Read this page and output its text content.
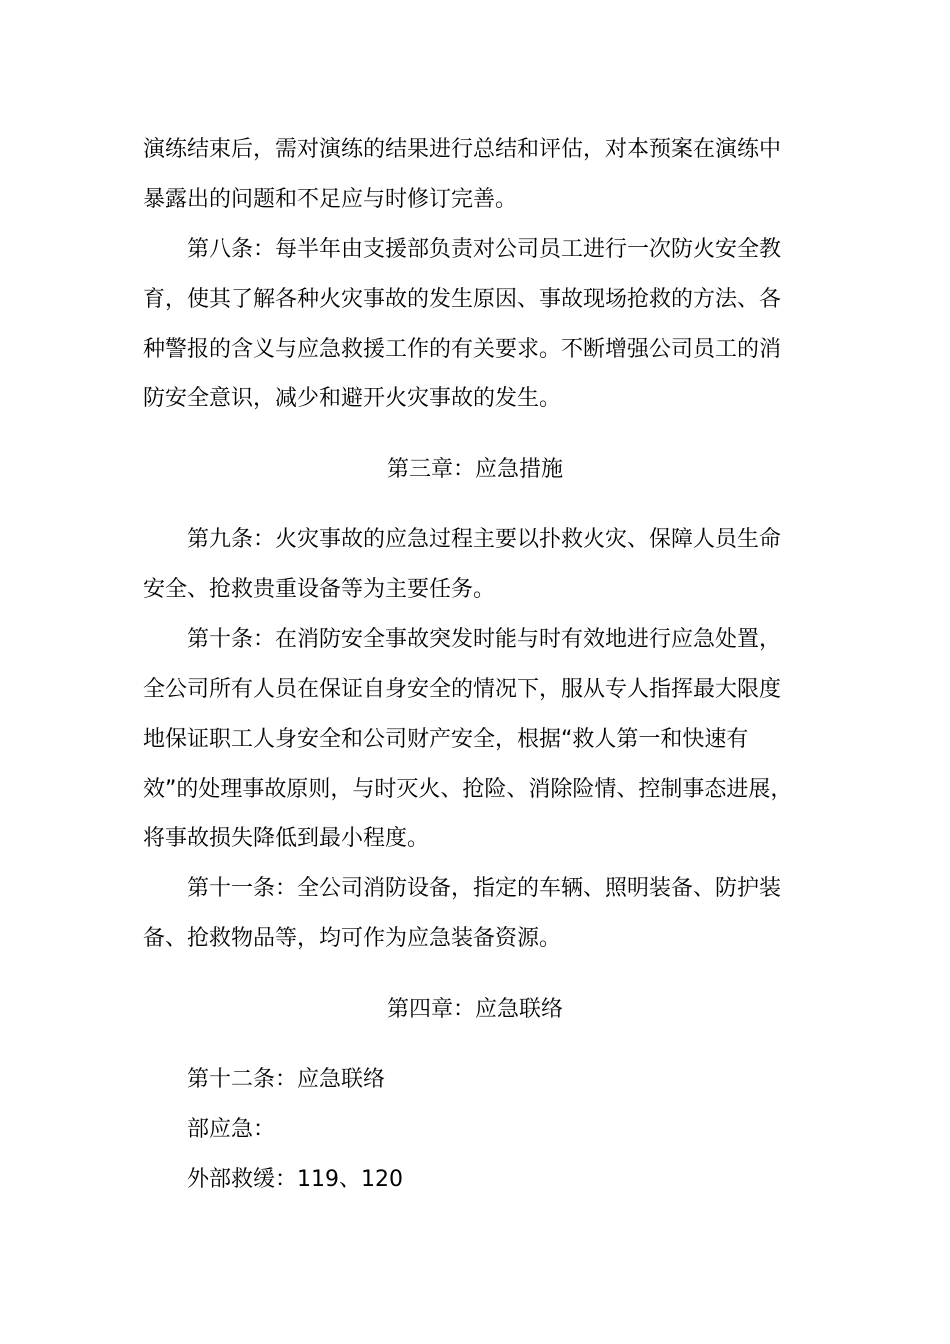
演练结束后，需对演练的结果进行总结和评估，对本预案在演练中

暴露出的问题和不足应与时修订完善。

第八条：每半年由支援部负责对公司员工进行一次防火安全教

育，使其了解各种火灾事故的发生原因、事故现场抢救的方法、各

种警报的含义与应急救援工作的有关要求。不断增强公司员工的消

防安全意识，减少和避开火灾事故的发生。

第三章：应急措施

第九条：火灾事故的应急过程主要以扑救火灾、保障人员生命

安全、抢救贵重设备等为主要任务。

第十条：在消防安全事故突发时能与时有效地进行应急处置，

全公司所有人员在保证自身安全的情况下，服从专人指挥最大限度

地保证职工人身安全和公司财产安全，根据“救人第一和快速有

效”的处理事故原则，与时灭火、抢险、消除险情、控制事态进展，

将事故损失降低到最小程度。

第十一条：全公司消防设备，指定的车辆、照明装备、防护装

备、抢救物品等，均可作为应急装备资源。

第四章：应急联络

第十二条：应急联络

部应急：

外部救缓：119、120
